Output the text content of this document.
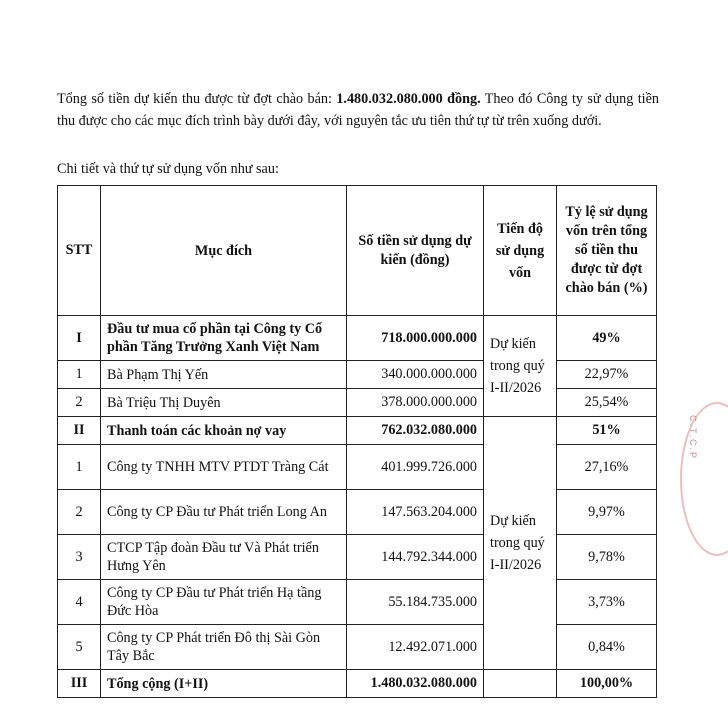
Tổng số tiền dự kiến thu được từ đợt chào bán: 1.480.032.080.000 đồng. Theo đó Công ty sử dụng tiền thu được cho các mục đích trình bày dưới đây, với nguyên tắc ưu tiên thứ tự từ trên xuống dưới.
Chi tiết và thứ tự sử dụng vốn như sau:
STT	Mục đích	Số tiền sử dụng dự kiến (đồng)	Tiến độ sử dụng vốn	Tỷ lệ sử dụng vốn trên tổng số tiền thu được từ đợt chào bán (%)
I	Đầu tư mua cổ phần tại Công ty Cổ phần Tăng Trưởng Xanh Việt Nam	718.000.000.000	Dự kiến trong quý I-II/2026	49%
1	Bà Phạm Thị Yến	340.000.000.000		22,97%
2	Bà Triệu Thị Duyên	378.000.000.000		25,54%
II	Thanh toán các khoản nợ vay	762.032.080.000	Dự kiến trong quý I-II/2026	51%
1	Công ty TNHH MTV PTDT Tràng Cát	401.999.726.000		27,16%
2	Công ty CP Đầu tư Phát triển Long An	147.563.204.000		9,97%
3	CTCP Tập đoàn Đầu tư Và Phát triển Hưng Yên	144.792.344.000		9,78%
4	Công ty CP Đầu tư Phát triển Hạ tầng Đức Hòa	55.184.735.000		3,73%
5	Công ty CP Phát triển Đô thị Sài Gòn Tây Bắc	12.492.071.000		0,84%
III	Tổng cộng (I+II)	1.480.032.080.000		100,00%
C.T.C.P
